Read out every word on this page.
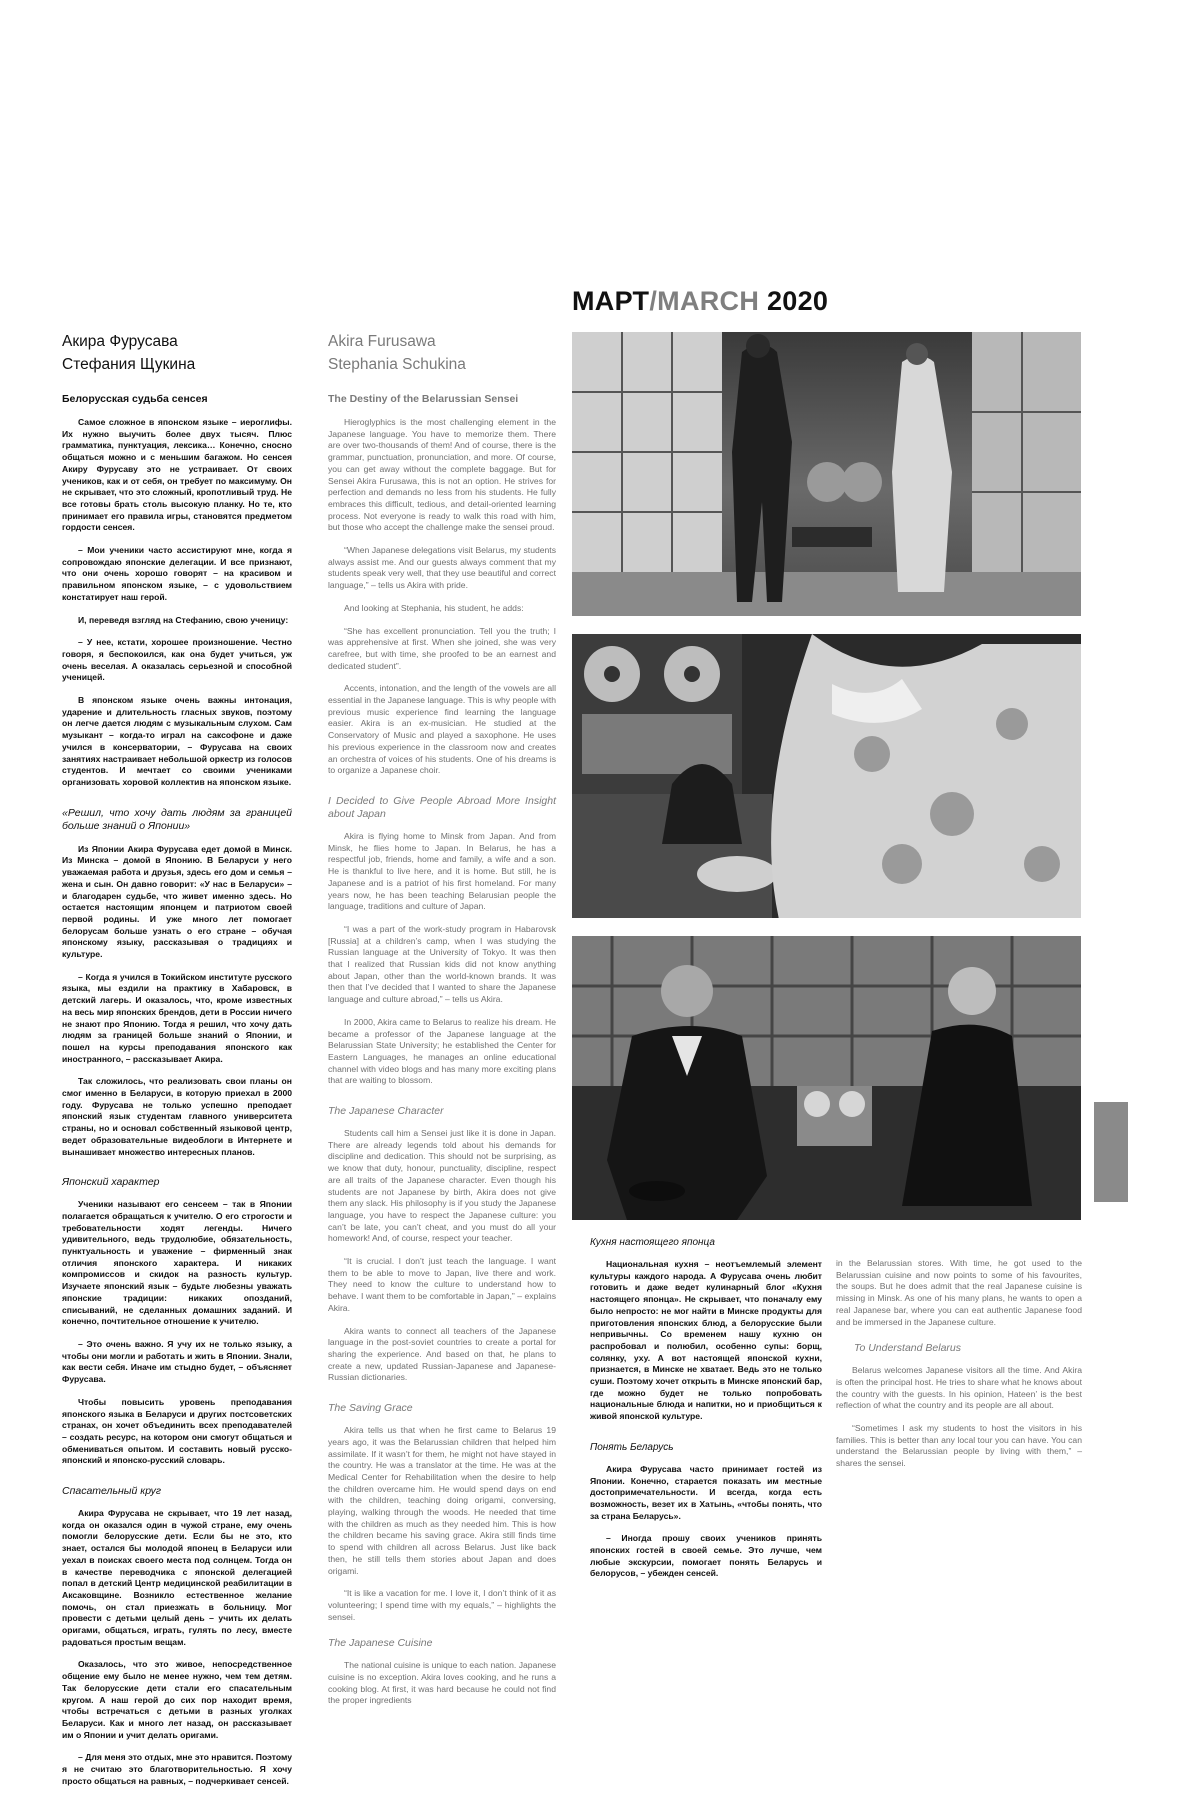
МАРТ/MARCH 2020
Акира Фурусава
Стефания Щукина
Белорусская судьба сенсея

Самое сложное в японском языке – иероглифы. Их нужно выучить более двух тысяч. Плюс грамматика, пунктуация, лексика… Конечно, сносно общаться можно и с меньшим багажом. Но сенсея Акиру Фурусаву это не устраивает. От своих учеников, как и от себя, он требует по максимуму. Он не скрывает, что это сложный, кропотливый труд. Не все готовы брать столь высокую планку. Но те, кто принимает его правила игры, становятся предметом гордости сенсея.

– Мои ученики часто ассистируют мне, когда я сопровождаю японские делегации. И все признают, что они очень хорошо говорят – на красивом и правильном японском языке, – с удовольствием констатирует наш герой.

И, переведя взгляд на Стефанию, свою ученицу:

– У нее, кстати, хорошее произношение. Честно говоря, я беспокоился, как она будет учиться, уж очень веселая. А оказалась серьезной и способной ученицей.

В японском языке очень важны интонация, ударение и длительность гласных звуков, поэтому он легче дается людям с музыкальным слухом. Сам музыкант – когда-то играл на саксофоне и даже учился в консерватории, – Фурусава на своих занятиях настраивает небольшой оркестр из голосов студентов. И мечтает со своими учениками организовать хоровой коллектив на японском языке.

«Решил, что хочу дать людям за границей больше знаний о Японии»

Из Японии Акира Фурусава едет домой в Минск. Из Минска – домой в Японию. В Беларуси у него уважаемая работа и друзья, здесь его дом и семья – жена и сын. Он давно говорит: «У нас в Беларуси» – и благодарен судьбе, что живет именно здесь. Но остается настоящим японцем и патриотом своей первой родины. И уже много лет помогает белорусам больше узнать о его стране – обучая японскому языку, рассказывая о традициях и культуре.

– Когда я учился в Токийском институте русского языка, мы ездили на практику в Хабаровск, в детский лагерь. И оказалось, что, кроме известных на весь мир японских брендов, дети в России ничего не знают про Японию. Тогда я решил, что хочу дать людям за границей больше знаний о Японии, и пошел на курсы преподавания японского как иностранного, – рассказывает Акира.

Так сложилось, что реализовать свои планы он смог именно в Беларуси, в которую приехал в 2000 году. Фурусава не только успешно преподает японский язык студентам главного университета страны, но и основал собственный языковой центр, ведет образовательные видеоблоги в Интернете и вынашивает множество интересных планов.

Японский характер

Ученики называют его сенсеем – так в Японии полагается обращаться к учителю. О его строгости и требовательности ходят легенды. Ничего удивительного, ведь трудолюбие, обязательность, пунктуальность и уважение – фирменный знак отличия японского характера. И никаких компромиссов и скидок на разность культур. Изучаете японский язык – будьте любезны уважать японские традиции: никаких опозданий, списываний, не сделанных домашних заданий. И конечно, почтительное отношение к учителю.

– Это очень важно. Я учу их не только языку, а чтобы они могли и работать и жить в Японии. Знали, как вести себя. Иначе им стыдно будет, – объясняет Фурусава.

Чтобы повысить уровень преподавания японского языка в Беларуси и других постсоветских странах, он хочет объединить всех преподавателей – создать ресурс, на котором они смогут общаться и обмениваться опытом. И составить новый русско-японский и японско-русский словарь.

Спасательный круг

Акира Фурусава не скрывает, что 19 лет назад, когда он оказался один в чужой стране, ему очень помогли белорусские дети. Если бы не это, кто знает, остался бы молодой японец в Беларуси или уехал в поисках своего места под солнцем. Тогда он в качестве переводчика с японской делегацией попал в детский Центр медицинской реабилитации в Аксаковщине. Возникло естественное желание помочь, он стал приезжать в больницу. Мог провести с детьми целый день – учить их делать оригами, общаться, играть, гулять по лесу, вместе радоваться простым вещам.

Оказалось, что это живое, непосредственное общение ему было не менее нужно, чем тем детям. Так белорусские дети стали его спасательным кругом. А наш герой до сих пор находит время, чтобы встречаться с детьми в разных уголках Беларуси. Как и много лет назад, он рассказывает им о Японии и учит делать оригами.

– Для меня это отдых, мне это нравится. Поэтому я не считаю это благотворительностью. Я хочу просто общаться на равных, – подчеркивает сенсей.

Akira Furusawa
Stephania Schukina
The Destiny of the Belarussian Sensei

Hieroglyphics is the most challenging element in the Japanese language. You have to memorize them. There are over two-thousands of them! And of course, there is the grammar, punctuation, pronunciation, and more. Of course, you can get away without the complete baggage. But for Sensei Akira Furusawa, this is not an option. He strives for perfection and demands no less from his students. He fully embraces this difficult, tedious, and detail-oriented learning process. Not everyone is ready to walk this road with him, but those who accept the challenge make the sensei proud.

“When Japanese delegations visit Belarus, my students always assist me. And our guests always comment that my students speak very well, that they use beautiful and correct language,” – tells us Akira with pride.

And looking at Stephania, his student, he adds:

“She has excellent pronunciation. Tell you the truth; I was apprehensive at first. When she joined, she was very carefree, but with time, she proofed to be an earnest and dedicated student”.

Accents, intonation, and the length of the vowels are all essential in the Japanese language. This is why people with previous music experience find learning the language easier. Akira is an ex-musician. He studied at the Conservatory of Music and played a saxophone. He uses his previous experience in the classroom now and creates an orchestra of voices of his students. One of his dreams is to organize a Japanese choir.

I Decided to Give People Abroad More Insight about Japan

Akira is flying home to Minsk from Japan. And from Minsk, he flies home to Japan. In Belarus, he has a respectful job, friends, home and family, a wife and a son. He is thankful to live here, and it is home. But still, he is Japanese and is a patriot of his first homeland. For many years now, he has been teaching Belarusian people the language, traditions and culture of Japan.

“I was a part of the work-study program in Habarovsk [Russia] at a children’s camp, when I was studying the Russian language at the University of Tokyo. It was then that I realized that Russian kids did not know anything about Japan, other than the world-known brands. It was then that I’ve decided that I wanted to share the Japanese language and culture abroad,” – tells us Akira.

In 2000, Akira came to Belarus to realize his dream. He became a professor of the Japanese language at the Belarussian State University; he established the Center for Eastern Languages, he manages an online educational channel with video blogs and has many more exciting plans that are waiting to blossom.

The Japanese Character

Students call him a Sensei just like it is done in Japan. There are already legends told about his demands for discipline and dedication. This should not be surprising, as we know that duty, honour, punctuality, discipline, respect are all traits of the Japanese character. Even though his students are not Japanese by birth, Akira does not give them any slack. His philosophy is if you study the Japanese language, you have to respect the Japanese culture: you can’t be late, you can’t cheat, and you must do all your homework! And, of course, respect your teacher.

“It is crucial. I don’t just teach the language. I want them to be able to move to Japan, live there and work. They need to know the culture to understand how to behave. I want them to be comfortable in Japan,” – explains Akira.

Akira wants to connect all teachers of the Japanese language in the post-soviet countries to create a portal for sharing the experience. And based on that, he plans to create a new, updated Russian-Japanese and Japanese-Russian dictionaries.

The Saving Grace

Akira tells us that when he first came to Belarus 19 years ago, it was the Belarussian children that helped him assimilate. If it wasn’t for them, he might not have stayed in the country. He was a translator at the time. He was at the Medical Center for Rehabilitation when the desire to help the children overcame him. He would spend days on end with the children, teaching doing origami, conversing, playing, walking through the woods. He needed that time with the children as much as they needed him. This is how the children became his saving grace. Akira still finds time to spend with children all across Belarus. Just like back then, he still tells them stories about Japan and does origami.

“It is like a vacation for me. I love it, I don’t think of it as volunteering; I spend time with my equals,” – highlights the sensei.

The Japanese Cuisine

The national cuisine is unique to each nation. Japanese cuisine is no exception. Akira loves cooking, and he runs a cooking blog. At first, it was hard because he could not find the proper ingredients

Кухня настоящего японца

Национальная кухня – неотъемлемый элемент культуры каждого народа. А Фурусава очень любит готовить и даже ведет кулинарный блог «Кухня настоящего японца». Не скрывает, что поначалу ему было непросто: не мог найти в Минске продукты для приготовления японских блюд, а белорусские были непривычны. Со временем нашу кухню он распробовал и полюбил, особенно супы: борщ, солянку, уху. А вот настоящей японской кухни, признается, в Минске не хватает. Ведь это не только суши. Поэтому хочет открыть в Минске японский бар, где можно будет не только попробовать национальные блюда и напитки, но и приобщиться к живой японской культуре.

Понять Беларусь

Акира Фурусава часто принимает гостей из Японии. Конечно, старается показать им местные достопримечательности. И всегда, когда есть возможность, везет их в Хатынь, «чтобы понять, что за страна Беларусь».

– Иногда прошу своих учеников принять японских гостей в своей семье. Это лучше, чем любые экскурсии, помогает понять Беларусь и белорусов, – убежден сенсей.

in the Belarussian stores. With time, he got used to the Belarussian cuisine and now points to some of his favourites, the soups. But he does admit that the real Japanese cuisine is missing in Minsk. As one of his many plans, he wants to open a real Japanese bar, where you can eat authentic Japanese food and be immersed in the Japanese culture.

To Understand Belarus

Belarus welcomes Japanese visitors all the time. And Akira is often the principal host. He tries to share what he knows about the country with the guests. In his opinion, Hateen’ is the best reflection of what the country and its people are all about.

“Sometimes I ask my students to host the visitors in his families. This is better than any local tour you can have. You can understand the Belarussian people by living with them,” – shares the sensei.
